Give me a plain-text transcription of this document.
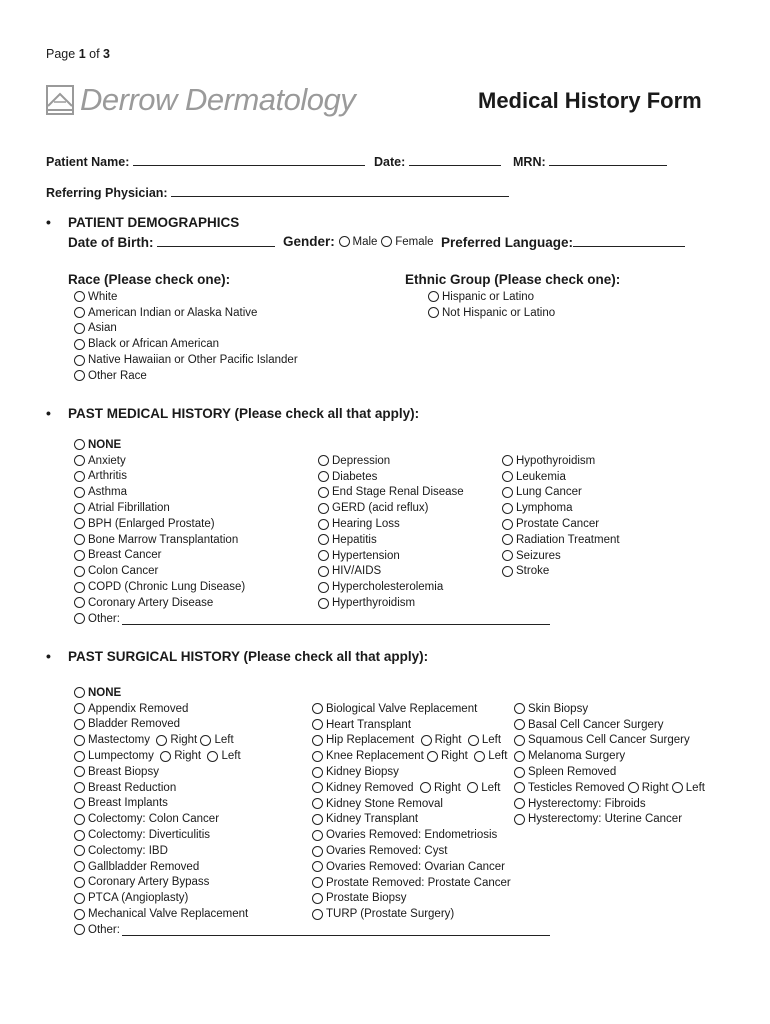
Page 1 of 3
Derrow Dermatology	Medical History Form
Patient Name:	Date:	MRN:
Referring Physician:
• PATIENT DEMOGRAPHICS
Date of Birth:	Gender:
Male
Female Preferred Language:
Race (Please check one):	Ethnic Group (Please check one):
White
American Indian or Alaska Native
Asian
Black or African American
Native Hawaiian or Other Pacific Islander
Other Race
Hispanic or Latino
Not Hispanic or Latino
• PAST MEDICAL HISTORY (Please check all that apply):
NONE
Anxiety
Arthritis
Asthma
Atrial Fibrillation
BPH (Enlarged Prostate)
Bone Marrow Transplantation
Breast Cancer
Colon Cancer
COPD (Chronic Lung Disease)
Coronary Artery Disease
Other:
Depression
Diabetes
End Stage Renal Disease
GERD (acid reflux)
Hearing Loss
Hepatitis
Hypertension
HIV/AIDS
Hypercholesterolemia
Hyperthyroidism
Hypothyroidism
Leukemia
Lung Cancer
Lymphoma
Prostate Cancer
Radiation Treatment
Seizures
Stroke
• PAST SURGICAL HISTORY (Please check all that apply):
NONE
Appendix Removed
Bladder Removed
Mastectomy
Right
Left
Lumpectomy
Right
Left
Breast Biopsy
Breast Reduction
Breast Implants
Colectomy: Colon Cancer
Colectomy: Diverticulitis
Colectomy: IBD
Gallbladder Removed
Coronary Artery Bypass
PTCA (Angioplasty)
Mechanical Valve Replacement
Other:
Biological Valve Replacement
Heart Transplant
Hip Replacement
Right
Left
Knee Replacement
Right
Left
Kidney Biopsy
Kidney Removed
Right
Left
Kidney Stone Removal
Kidney Transplant
Ovaries Removed: Endometriosis
Ovaries Removed: Cyst
Ovaries Removed: Ovarian Cancer
Prostate Removed: Prostate Cancer
Prostate Biopsy
TURP (Prostate Surgery)
Skin Biopsy
Basal Cell Cancer Surgery
Squamous Cell Cancer Surgery
Melanoma Surgery
Spleen Removed
Testicles Removed
Right
Left
Hysterectomy: Fibroids
Hysterectomy: Uterine Cancer
